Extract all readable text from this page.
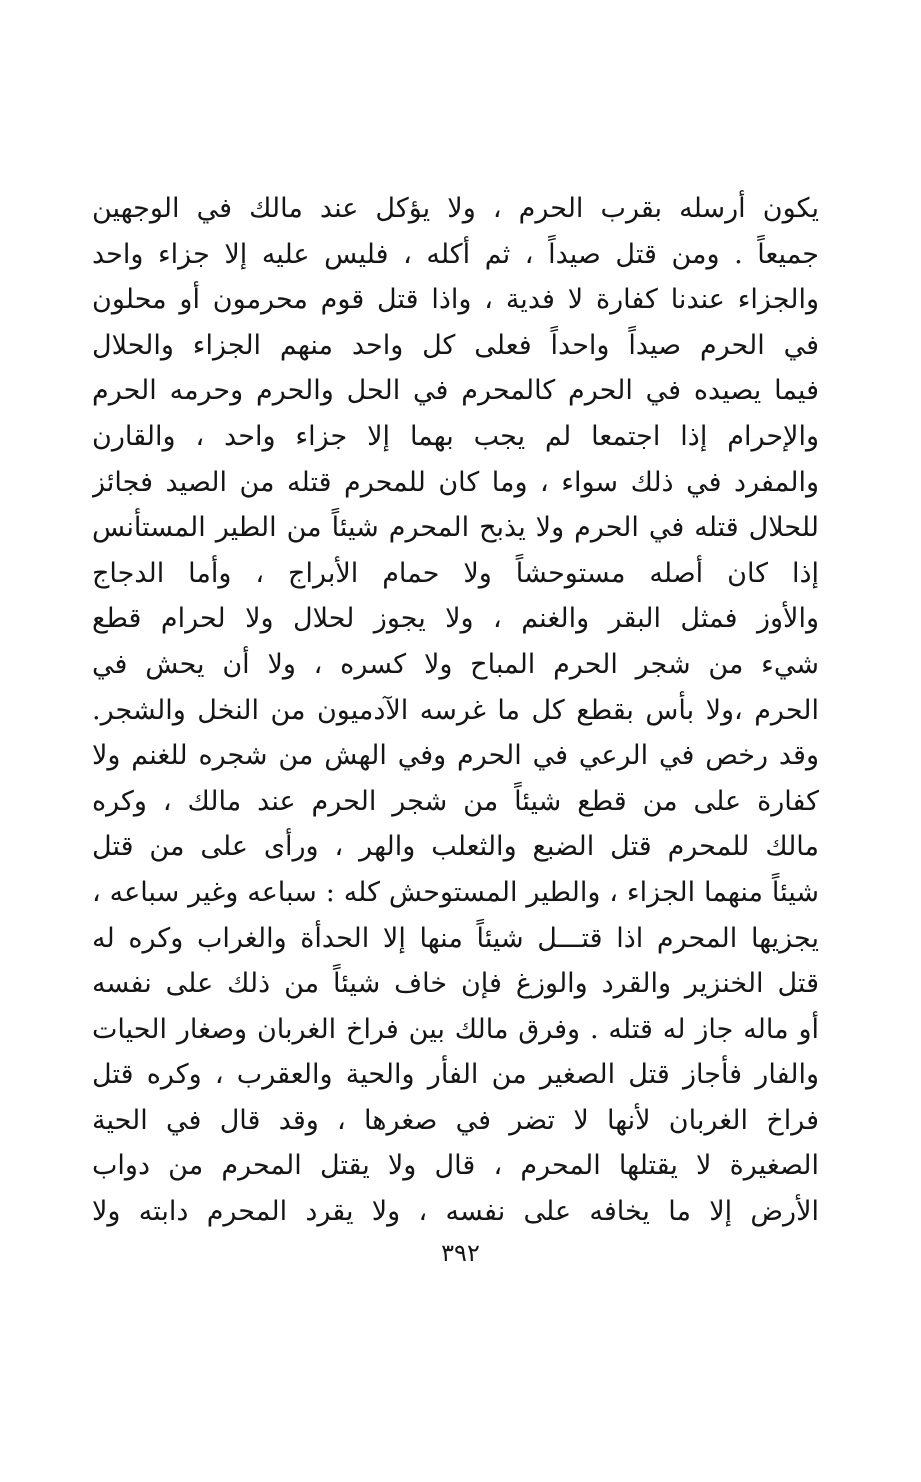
يكون أرسله بقرب الحرم ، ولا يؤكل عند مالك في الوجهين
جميعاً . ومن قتل صيداً ، ثم أكله ، فليس عليه إلا جزاء واحد
والجزاء عندنا كفارة لا فدية ، واذا قتل قوم محرمون أو محلون
في الحرم صيداً واحداً فعلى كل واحد منهم الجزاء والحلال
فيما يصيده في الحرم كالمحرم في الحل والحرم وحرمه الحرم
والإحرام إذا اجتمعا لم يجب بهما إلا جزاء واحد ، والقارن
والمفرد في ذلك سواء ، وما كان للمحرم قتله من الصيد فجائز
للحلال قتله في الحرم ولا يذبح المحرم شيئاً من الطير المستأنس
إذا كان أصله مستوحشاً ولا حمام الأبراج ، وأما الدجاج
والأوز فمثل البقر والغنم ، ولا يجوز لحلال ولا لحرام قطع
شيء من شجر الحرم المباح ولا كسره ، ولا أن يحش في
الحرم ،ولا بأس بقطع كل ما غرسه الآدميون من النخل والشجر.
وقد رخص في الرعي في الحرم وفي الهش من شجره للغنم ولا
كفارة على من قطع شيئاً من شجر الحرم عند مالك ، وكره
مالك للمحرم قتل الضبع والثعلب والهر ، ورأى على من قتل
شيئاً منهما الجزاء ، والطير المستوحش كله : سباعه وغير سباعه ،
يجزيها المحرم اذا قتـــل شيئاً منها إلا الحدأة والغراب وكره له
قتل الخنزير والقرد والوزغ فإن خاف شيئاً من ذلك على نفسه
أو ماله جاز له قتله . وفرق مالك بين فراخ الغربان وصغار الحيات
والفار فأجاز قتل الصغير من الفأر والحية والعقرب ، وكره قتل
فراخ الغربان لأنها لا تضر في صغرها ، وقد قال في الحية
الصغيرة لا يقتلها المحرم ، قال ولا يقتل المحرم من دواب
الأرض إلا ما يخافه على نفسه ، ولا يقرد المحرم دابته ولا
٣٩٢
